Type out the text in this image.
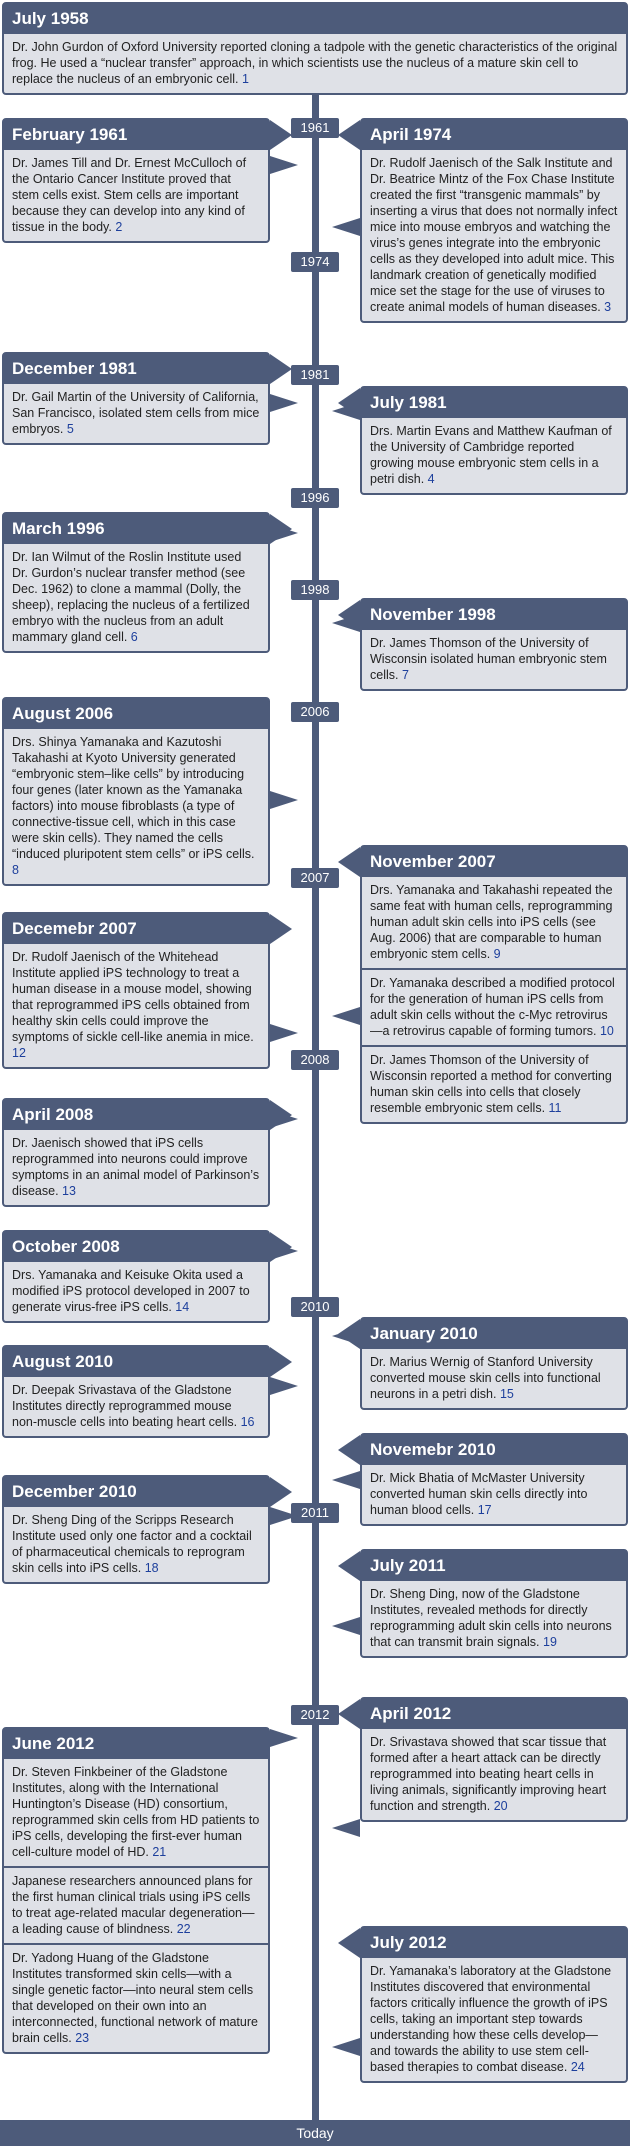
Today
1961
1974
1981
1996
1998
2006
2007
2008
2010
2011
2012
July 1958
Dr. John Gurdon of Oxford University reported cloning a tadpole with the genetic characteristics of the original frog. He used a “nuclear transfer” approach, in which scientists use the nucleus of a mature skin cell to replace the nucleus of an embryonic cell. 1
February 1961
Dr. James Till and Dr. Ernest McCulloch of the Ontario Cancer Institute proved that stem cells exist. Stem cells are important because they can develop into any kind of tissue in the body. 2
April 1974
Dr. Rudolf Jaenisch of the Salk Institute and Dr. Beatrice Mintz of the Fox Chase Institute created the first “transgenic mammals” by inserting a virus that does not normally infect mice into mouse embryos and watching the virus’s genes integrate into the embryonic cells as they developed into adult mice. This landmark creation of genetically modified mice set the stage for the use of viruses to create animal models of human diseases. 3
December 1981
Dr. Gail Martin of the University of California, San Francisco, isolated stem cells from mice embryos. 5
July 1981
Drs. Martin Evans and Matthew Kaufman of the University of Cambridge reported growing mouse embryonic stem cells in a petri dish. 4
March 1996
Dr. Ian Wilmut of the Roslin Institute used Dr. Gurdon’s nuclear transfer method (see Dec. 1962) to clone a mammal (Dolly, the sheep), replacing the nucleus of a fertilized embryo with the nucleus from an adult mammary gland cell. 6
November 1998
Dr. James Thomson of the University of Wisconsin isolated human embryonic stem cells. 7
August 2006
Drs. Shinya Yamanaka and Kazutoshi Takahashi at Kyoto University generated “embryonic stem–like cells” by introducing four genes (later known as the Yamanaka factors) into mouse fibroblasts (a type of connective-tissue cell, which in this case were skin cells). They named the cells “induced pluripotent stem cells” or iPS cells. 8	November 2007
Drs. Yamanaka and Takahashi repeated the same feat with human cells, reprogramming human adult skin cells into iPS cells (see Aug. 2006) that are comparable to human embryonic stem cells. 9
Dr. Yamanaka described a modified protocol for the generation of human iPS cells from adult skin cells without the c-Myc retrovirus—a retrovirus capable of forming tumors. 10
Dr. James Thomson of the University of Wisconsin reported a method for converting human skin cells into cells that closely resemble embryonic stem cells. 11
Decemebr 2007
Dr. Rudolf Jaenisch of the Whitehead Institute applied iPS technology to treat a human disease in a mouse model, showing that reprogrammed iPS cells obtained from healthy skin cells could improve the symptoms of sickle cell-like anemia in mice. 12
April 2008
Dr. Jaenisch showed that iPS cells reprogrammed into neurons could improve symptoms in an animal model of Parkinson’s disease. 13
October 2008
Drs. Yamanaka and Keisuke Okita used a modified iPS protocol developed in 2007 to generate virus-free iPS cells. 14
January 2010
Dr. Marius Wernig of Stanford University converted mouse skin cells into functional neurons in a petri dish. 15
August 2010
Dr. Deepak Srivastava of the Gladstone Institutes directly reprogrammed mouse non-muscle cells into beating heart cells. 16
Novemebr 2010
Dr. Mick Bhatia of McMaster University converted human skin cells directly into human blood cells. 17
December 2010
Dr. Sheng Ding of the Scripps Research Institute used only one factor and a cocktail of pharmaceutical chemicals to reprogram skin cells into iPS cells. 18	July 2011
Dr. Sheng Ding, now of the Gladstone Institutes, revealed methods for directly reprogramming adult skin cells into neurons that can transmit brain signals. 19
April 2012
Dr. Srivastava showed that scar tissue that formed after a heart attack can be directly reprogrammed into beating heart cells in living animals, significantly improving heart function and strength. 20
June 2012
Dr. Steven Finkbeiner of the Gladstone Institutes, along with the International Huntington’s Disease (HD) consortium, reprogrammed skin cells from HD patients to iPS cells, developing the first-ever human cell-culture model of HD. 21
Japanese researchers announced plans for the first human clinical trials using iPS cells to treat age-related macular degeneration—a leading cause of blindness. 22
Dr. Yadong Huang of the Gladstone Institutes transformed skin cells—with a single genetic factor—into neural stem cells that developed on their own into an interconnected, functional network of mature brain cells. 23
July 2012
Dr. Yamanaka’s laboratory at the Gladstone Institutes discovered that environmental factors critically influence the growth of iPS cells, taking an important step towards understanding how these cells develop—and towards the ability to use stem cell-based therapies to combat disease. 24
